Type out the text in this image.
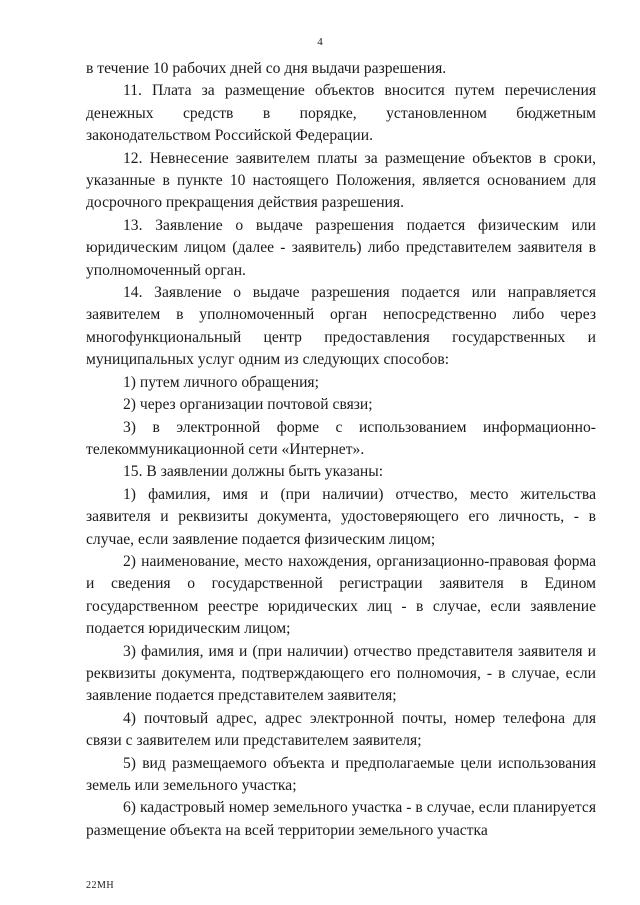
4

в течение 10 рабочих дней со дня выдачи разрешения.

11. Плата за размещение объектов вносится путем перечисления денежных средств в порядке, установленном бюджетным законодательством Российской Федерации.

12. Невнесение заявителем платы за размещение объектов в сроки, указанные в пункте 10 настоящего Положения, является основанием для досрочного прекращения действия разрешения.

13. Заявление о выдаче разрешения подается физическим или юридическим лицом (далее - заявитель) либо представителем заявителя в уполномоченный орган.

14. Заявление о выдаче разрешения подается или направляется заявителем в уполномоченный орган непосредственно либо через многофункциональный центр предоставления государственных и муниципальных услуг одним из следующих способов:

1) путем личного обращения;

2) через организации почтовой связи;

3) в электронной форме с использованием информационно-телекоммуникационной сети «Интернет».

15. В заявлении должны быть указаны:

1) фамилия, имя и (при наличии) отчество, место жительства заявителя и реквизиты документа, удостоверяющего его личность, - в случае, если заявление подается физическим лицом;

2) наименование, место нахождения, организационно-правовая форма и сведения о государственной регистрации заявителя в Едином государственном реестре юридических лиц - в случае, если заявление подается юридическим лицом;

3) фамилия, имя и (при наличии) отчество представителя заявителя и реквизиты документа, подтверждающего его полномочия, - в случае, если заявление подается представителем заявителя;

4) почтовый адрес, адрес электронной почты, номер телефона для связи с заявителем или представителем заявителя;

5) вид размещаемого объекта и предполагаемые цели использования земель или земельного участка;

6) кадастровый номер земельного участка - в случае, если планируется размещение объекта на всей территории земельного участка

22МН
